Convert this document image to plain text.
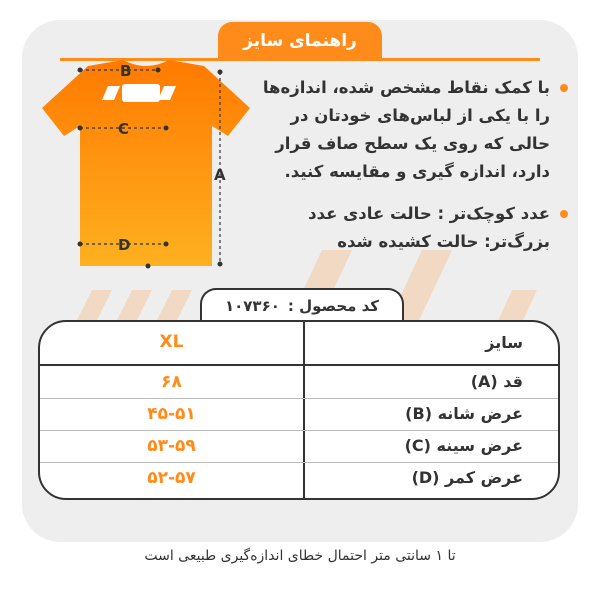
راهنمای سایز
B
C
D
A
با کمک نقاط مشخص شده، اندازه‌ها را با یکی از لباس‌های خودتان در حالی که روی یک سطح صاف قرار دارد، اندازه گیری و مقایسه کنید.
عدد کوچک‌تر : حالت عادی عدد بزرگ‌تر: حالت کشیده شده
کد محصول :
۱۰۷۳۶۰
XL	سایز
۶۸	قد (A)
۴۵-۵۱	عرض شانه (B)
۵۳-۵۹	عرض سینه (C)
۵۲-۵۷	عرض کمر (D)
تا ۱ سانتی متر احتمال خطای اندازه‌گیری طبیعی است
